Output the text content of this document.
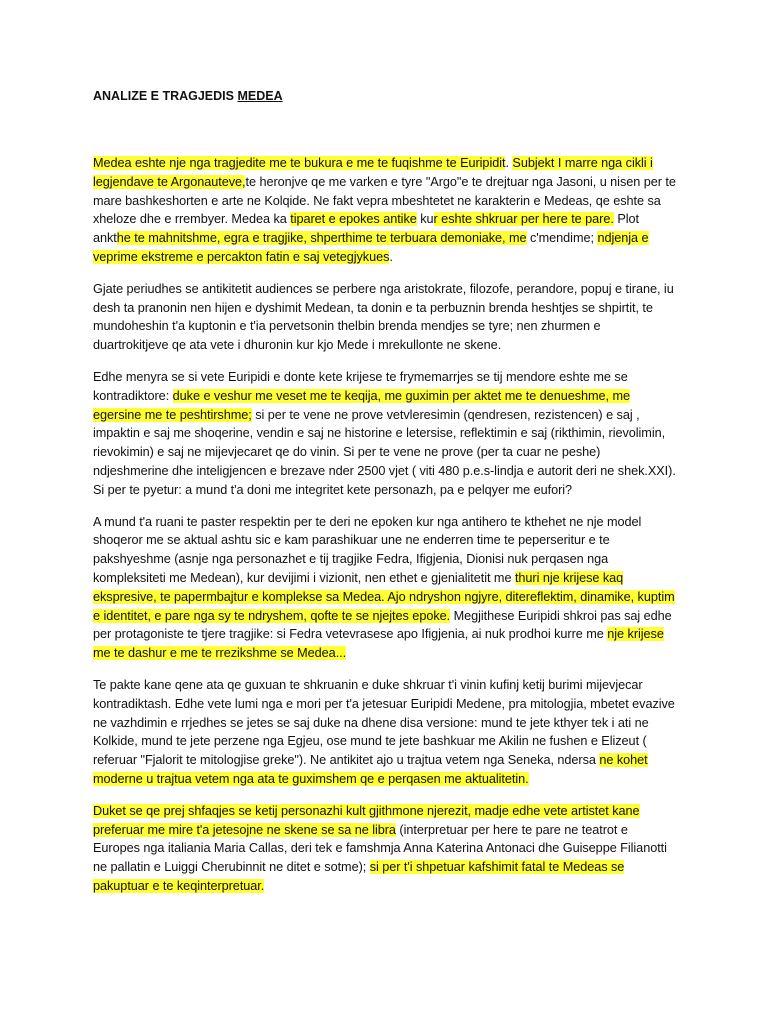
ANALIZE E TRAGJEDIS MEDEA

Medea eshte nje nga tragjedite me te bukura e me te fuqishme te Euripidit. Subjekt I marre nga cikli i legjendave te Argonauteve,te heronjve qe me varken e tyre "Argo"e te drejtuar nga Jasoni, u nisen per te mare bashkeshorten e arte ne Kolqide. Ne fakt vepra mbeshtetet ne karakterin e Medeas, qe eshte sa xheloze dhe e rrembyer. Medea ka tiparet e epokes antike kur eshte shkruar per here te pare. Plot ankthe te mahnitshme, egra e tragjike, shperthime te terbuara demoniake, me c'mendime; ndjenja e veprime ekstreme e percakton fatin e saj vetegjykues.

Gjate periudhes se antikitetit audiences se perbere nga aristokrate, filozofe, perandore, popuj e tirane, iu desh ta pranonin nen hijen e dyshimit Medean, ta donin e ta perbuznin brenda heshtjes se shpirtit, te mundoheshin t'a kuptonin e t'ia pervetsonin thelbin brenda mendjes se tyre; nen zhurmen e duartrokitjeve qe ata vete i dhuronin kur kjo Mede i mrekullonte ne skene.

Edhe menyra se si vete Euripidi e donte kete krijese te frymemarrjes se tij mendore eshte me se kontradiktore: duke e veshur me veset me te keqija, me guximin per aktet me te denueshme, me egersine me te peshtirshme; si per te vene ne prove vetvleresimin (qendresen, rezistencen) e saj , impaktin e saj me shoqerine, vendin e saj ne historine e letersise, reflektimin e saj (rikthimin, rievolimin, rievokimin) e saj ne mijevjecaret qe do vinin. Si per te vene ne prove (per ta cuar ne peshe) ndjeshmerine dhe inteligjencen e brezave nder 2500 vjet ( viti 480 p.e.s-lindja e autorit deri ne shek.XXI). Si per te pyetur: a mund t'a doni me integritet kete personazh, pa e pelqyer me eufori?

A mund t'a ruani te paster respektin per te deri ne epoken kur nga antihero te kthehet ne nje model shoqeror me se aktual ashtu sic e kam parashikuar une ne enderren time te peperseritur e te pakshyeshme (asnje nga personazhet e tij tragjike Fedra, Ifigjenia, Dionisi nuk perqasen nga kompleksiteti me Medean), kur devijimi i vizionit, nen ethet e gjenialitetit me thuri nje krijese kaq ekspresive, te papermbajtur e komplekse sa Medea. Ajo ndryshon ngjyre, ditereflektim, dinamike, kuptim e identitet, e pare nga sy te ndryshem, qofte te se njejtes epoke. Megjithese Euripidi shkroi pas saj edhe per protagoniste te tjere tragjike: si Fedra vetevrasese apo Ifigjenia, ai nuk prodhoi kurre me nje krijese me te dashur e me te rrezikshme se Medea...

Te pakte kane qene ata qe guxuan te shkruanin e duke shkruar t'i vinin kufinj ketij burimi mijevjecar kontradiktash. Edhe vete lumi nga e mori per t'a jetesuar Euripidi Medene, pra mitologjia, mbetet evazive ne vazhdimin e rrjedhes se jetes se saj duke na dhene disa versione: mund te jete kthyer tek i ati ne Kolkide, mund te jete perzene nga Egjeu, ose mund te jete bashkuar me Akilin ne fushen e Elizeut ( referuar "Fjalorit te mitologjise greke"). Ne antikitet ajo u trajtua vetem nga Seneka, ndersa ne kohet moderne u trajtua vetem nga ata te guximshem qe e perqasen me aktualitetin.

Duket se qe prej shfaqjes se ketij personazhi kult gjithmone njerezit, madje edhe vete artistet kane preferuar me mire t'a jetesojne ne skene se sa ne libra (interpretuar per here te pare ne teatrot e Europes nga italiania Maria Callas, deri tek e famshmja Anna Katerina Antonaci dhe Guiseppe Filianotti ne pallatin e Luiggi Cherubinnit ne ditet e sotme); si per t'i shpetuar kafshimit fatal te Medeas se pakuptuar e te keqinterpretuar.
